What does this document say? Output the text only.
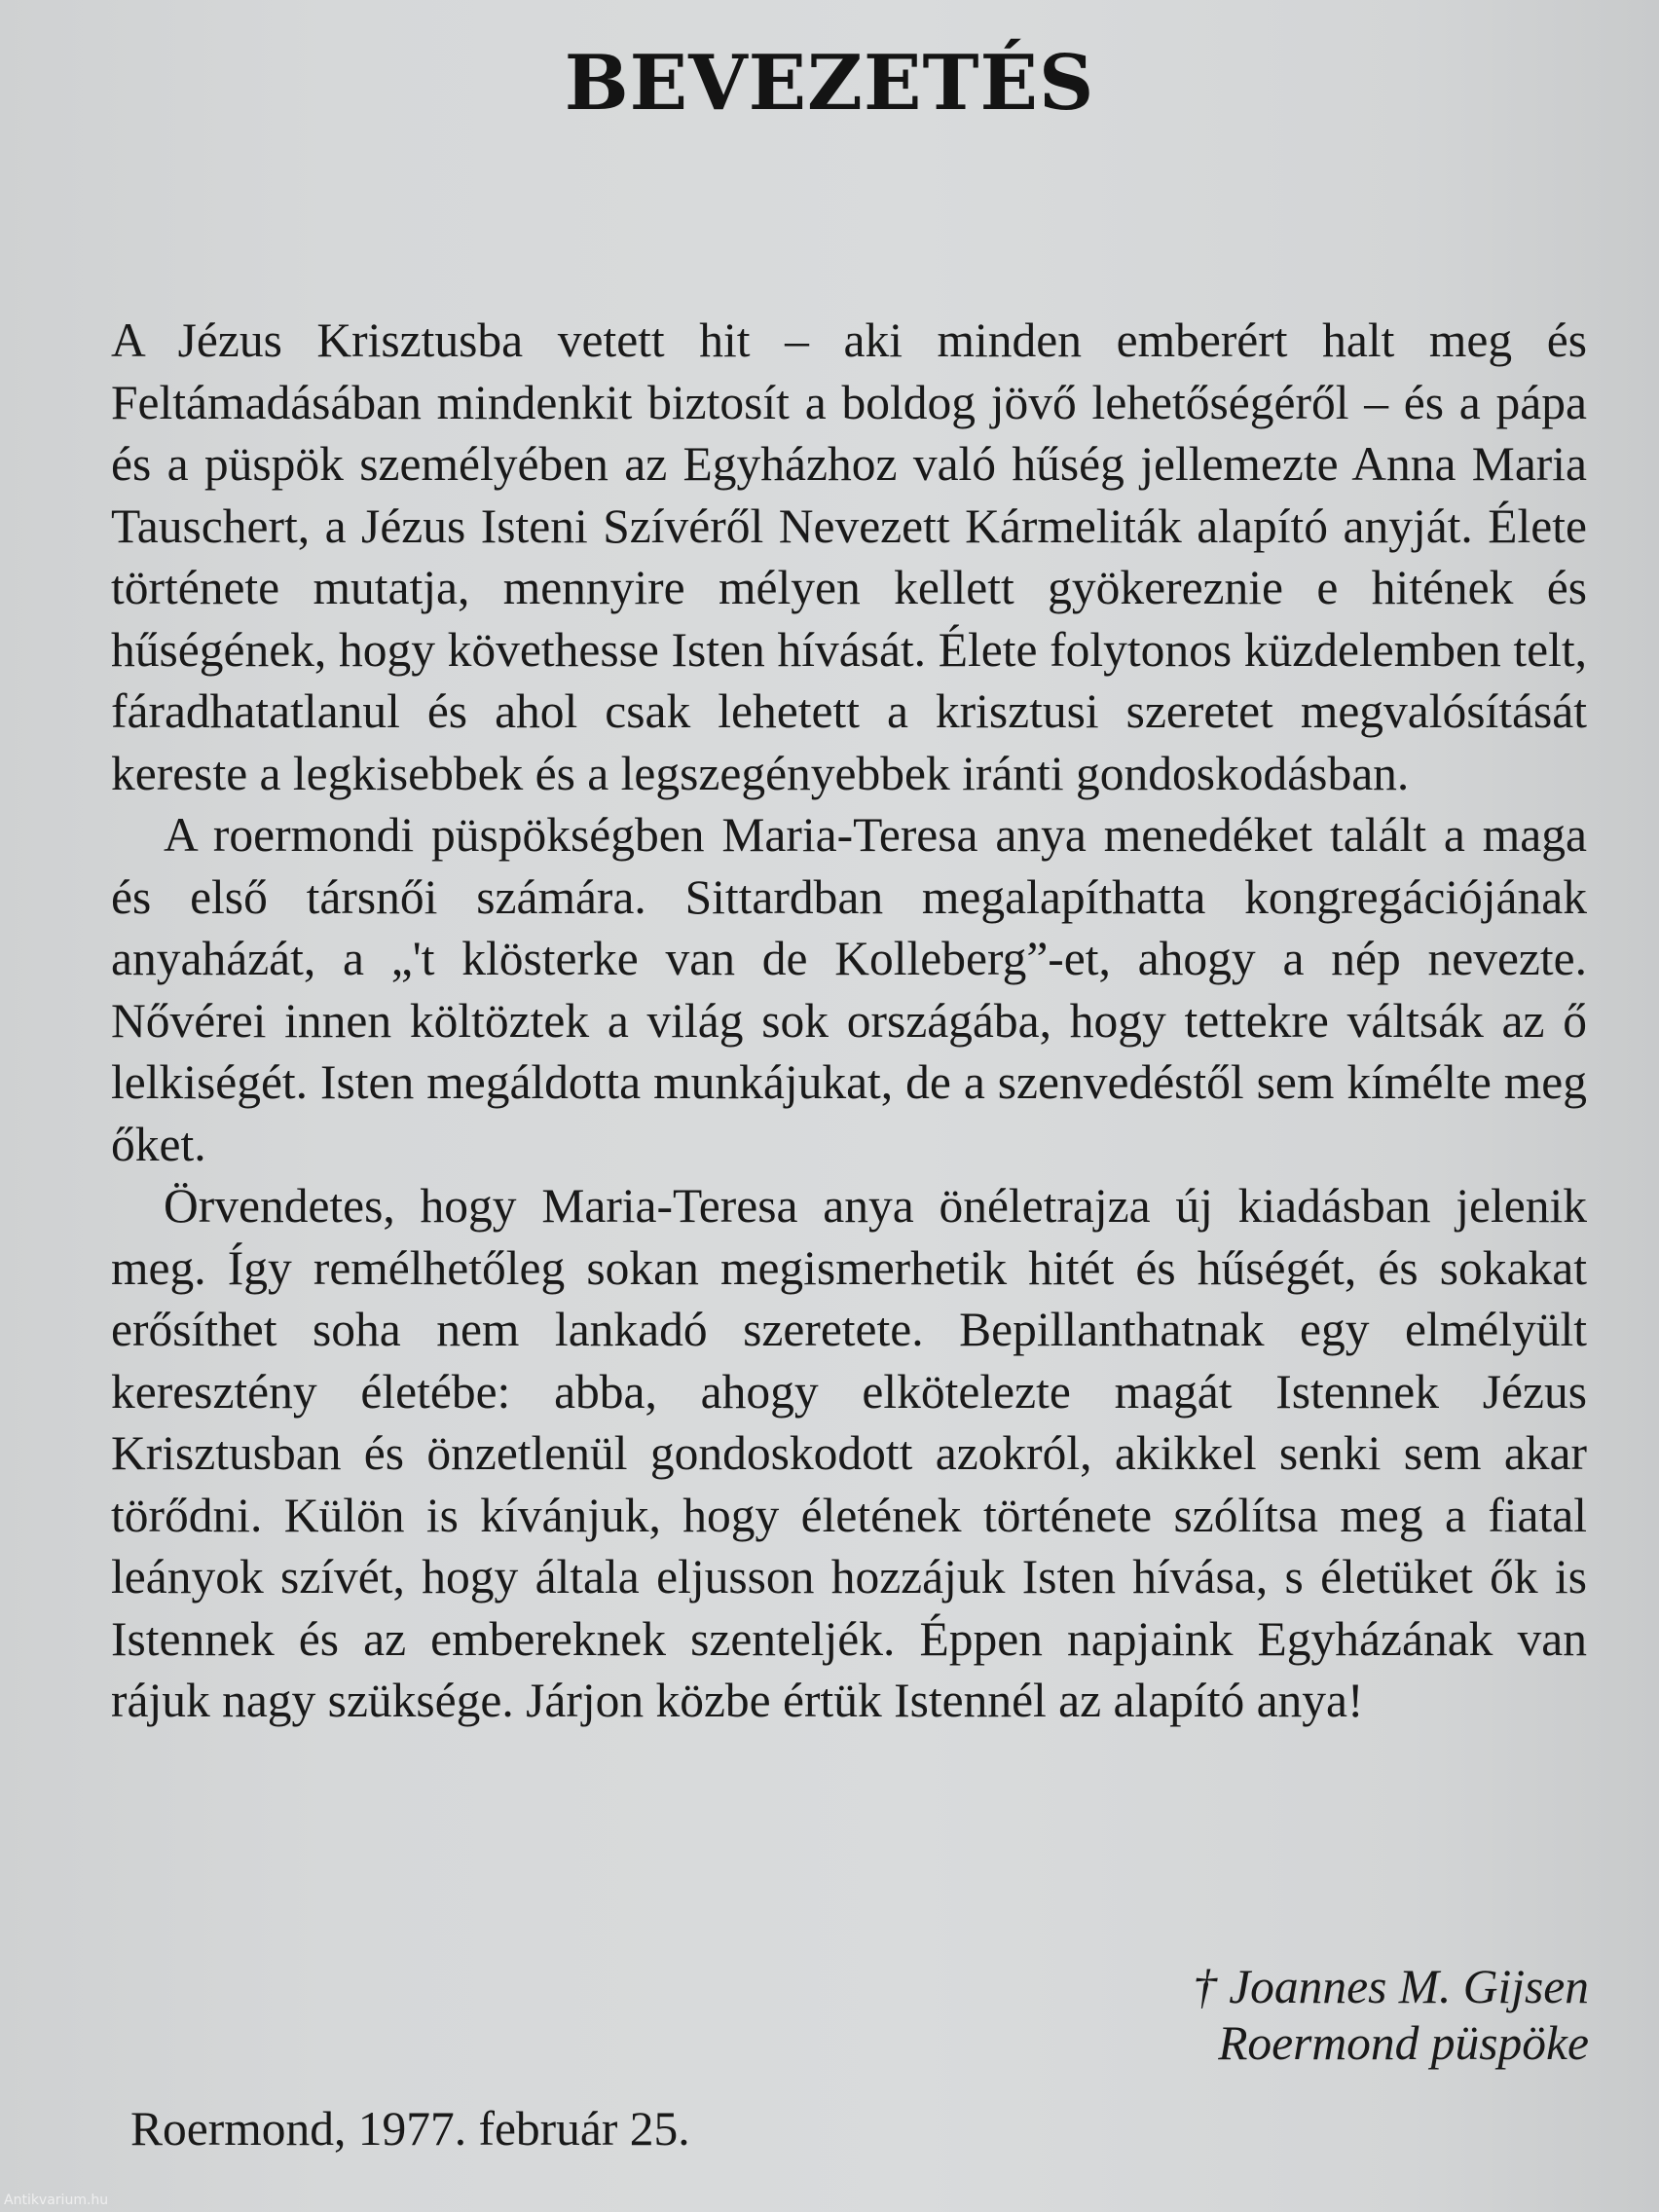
BEVEZETÉS

A Jézus Krisztusba vetett hit – aki minden emberért halt meg és Feltámadásában mindenkit biztosít a boldog jövő lehetőségéről – és a pápa és a püspök személyében az Egyházhoz való hűség jellemezte Anna Maria Tauschert, a Jézus Isteni Szívéről Nevezett Kármeliták alapító anyját. Élete története mutatja, mennyire mélyen kellett gyökereznie e hitének és hűségének, hogy követhesse Isten hívását. Élete folytonos küzdelemben telt, fáradhatatlanul és ahol csak lehetett a krisztusi szeretet megvalósítását kereste a legkisebbek és a legszegényebbek iránti gondoskodásban.

A roermondi püspökségben Maria-Teresa anya menedéket talált a maga és első társnői számára. Sittardban megalapíthatta kongregációjának anyaházát, a „'t klösterke van de Kolleberg”-et, ahogy a nép nevezte. Nővérei innen költöztek a világ sok országába, hogy tettekre váltsák az ő lelkiségét. Isten megáldotta munkájukat, de a szenvedéstől sem kímélte meg őket.

Örvendetes, hogy Maria-Teresa anya önéletrajza új kiadásban jelenik meg. Így remélhetőleg sokan megismerhetik hitét és hűségét, és sokakat erősíthet soha nem lankadó szeretete. Bepillanthatnak egy elmélyült keresztény életébe: abba, ahogy elkötelezte magát Istennek Jézus Krisztusban és önzetlenül gondoskodott azokról, akikkel senki sem akar törődni. Külön is kívánjuk, hogy életének története szólítsa meg a fiatal leányok szívét, hogy általa eljusson hozzájuk Isten hívása, s életüket ők is Istennek és az embereknek szenteljék. Éppen napjaink Egyházának van rájuk nagy szüksége. Járjon közbe értük Istennél az alapító anya!

† Joannes M. Gijsen
Roermond püspöke
Roermond, 1977. február 25.
Antikvarium.hu
